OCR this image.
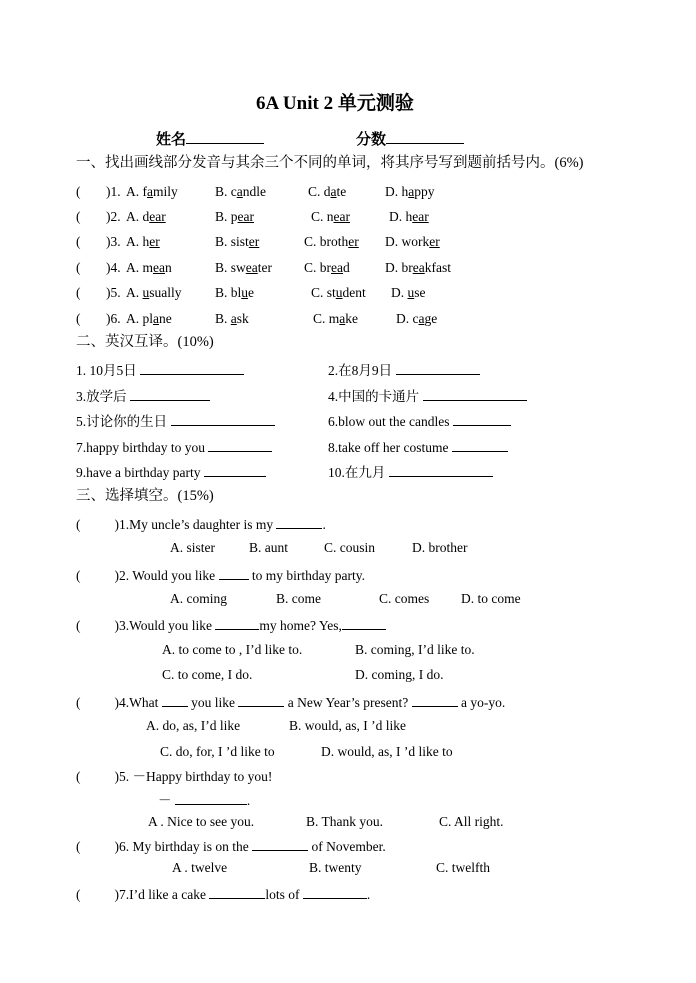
6A Unit 2 单元测验
姓名	分数
一、找出画线部分发音与其余三个不同的单词，将其序号写到题前括号内。(6%)
( )1. A. family	B. candle	C. date	D. happy
( )2. A. dear	B. pear	C. near	D. hear
( )3. A. her	B. sister	C. brother D. worker
( )4. A. mean	B. sweater C. bread	D. breakfast
( )5. A. usually B. blue	C. student D. use
( )6. A. plane	B. ask	C. make	D. cage
二、英汉互译。(10%)
1. 10月5日	2.在8月9日
3.放学后	4.中国的卡通片
5.讨论你的生日	6.blow out the candles
7.happy birthday to you	8.take off her costume
9.have a birthday party	10.在九月
三、选择填空。(15%)
(	)1.My uncle’s daughter is my	.
A. sister	B. aunt	C. cousin	D. brother
(	)2. Would you like	to my birthday party.
A. coming	B. come	C. comes D. to come
(	)3.Would you like	my home? Yes,
A. to come to , I’d like to.	B. coming, I’d like to.
C. to come, I do.	D. coming, I do.
(	)4.What you like	a New Year’s present?	a yo-yo.
A. do, as, I’d like	B. would, as, I ’d like
C. do, for, I ’d like to	D. would, as, I ’d like to
(	)5. －Happy birthday to you!
－	.
A . Nice to see you.	B. Thank you.	C. All right.
(	)6. My birthday is on the	of November.
A . twelve	B. twenty	C. twelfth
(	)7.I’d like a cake	lots of	.
